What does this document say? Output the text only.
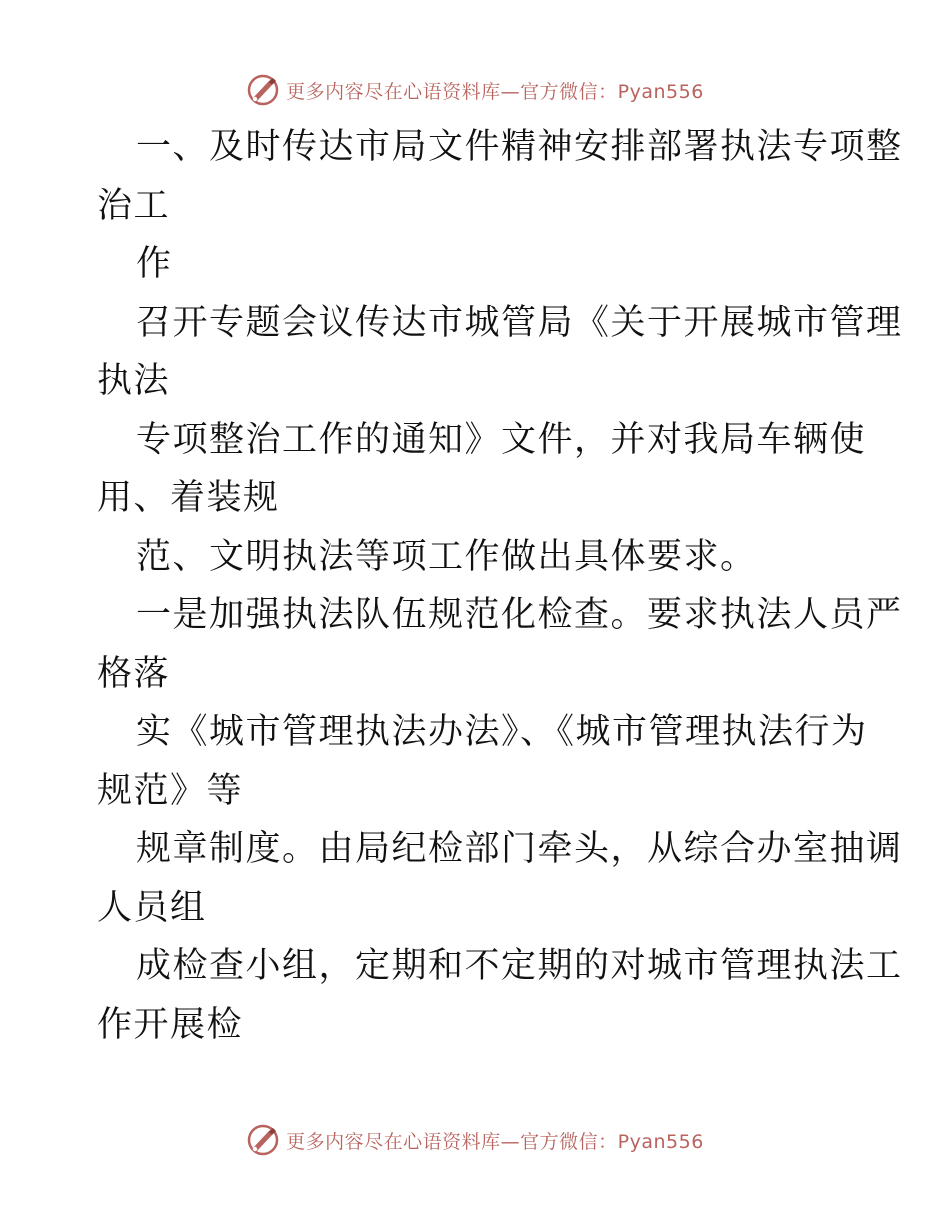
更多内容尽在心语资料库—官方微信：Pyan556
一、及时传达市局文件精神安排部署执法专项整
治工
作
召开专题会议传达市城管局《关于开展城市管理
执法
专项整治工作的通知》文件，并对我局车辆使
用、着装规
范、文明执法等项工作做出具体要求。
一是加强执法队伍规范化检查。要求执法人员严
格落
实《城市管理执法办法》、《城市管理执法行为
规范》等
规章制度。由局纪检部门牵头，从综合办室抽调
人员组
成检查小组，定期和不定期的对城市管理执法工
作开展检
更多内容尽在心语资料库—官方微信：Pyan556
